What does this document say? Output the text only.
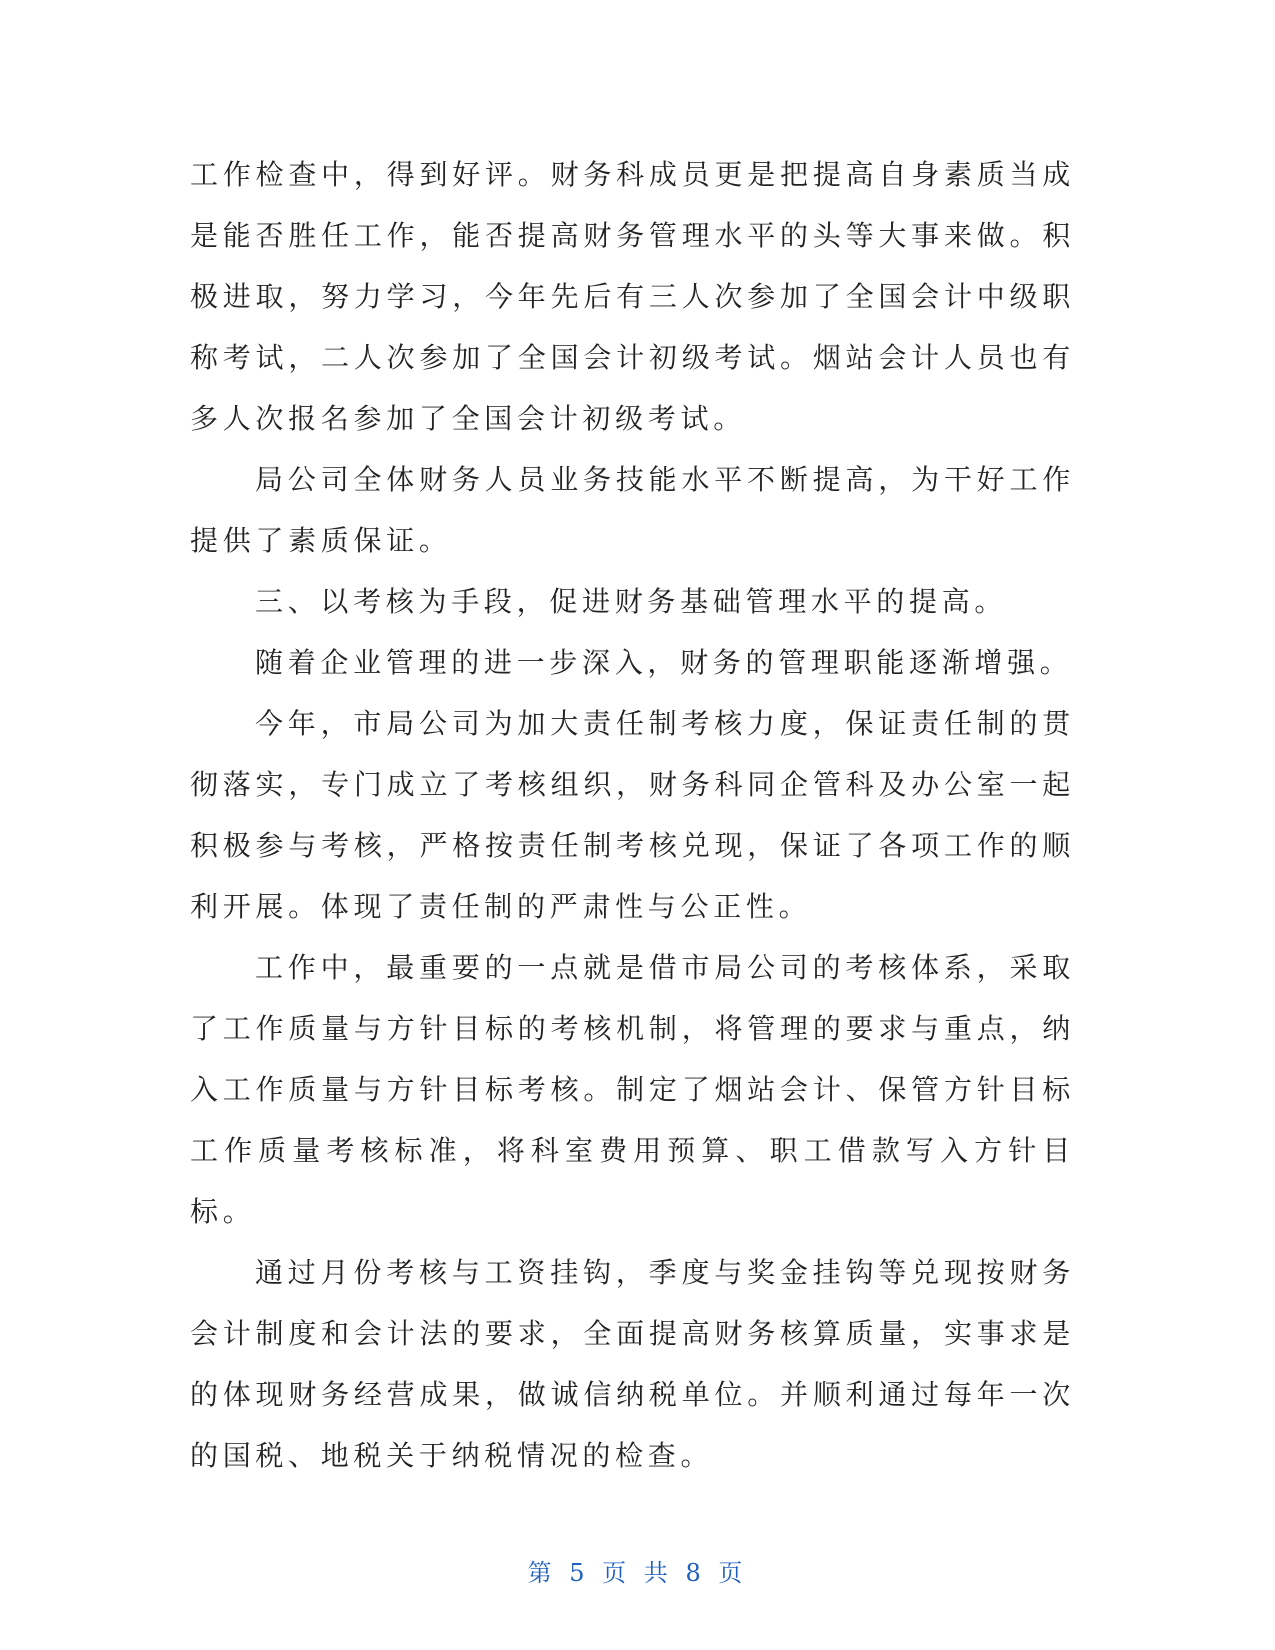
工作检查中，得到好评。财务科成员更是把提高自身素质当成是能否胜任工作，能否提高财务管理水平的头等大事来做。积极进取，努力学习，今年先后有三人次参加了全国会计中级职称考试，二人次参加了全国会计初级考试。烟站会计人员也有多人次报名参加了全国会计初级考试。

局公司全体财务人员业务技能水平不断提高，为干好工作提供了素质保证。

三、以考核为手段，促进财务基础管理水平的提高。

随着企业管理的进一步深入，财务的管理职能逐渐增强。

今年，市局公司为加大责任制考核力度，保证责任制的贯彻落实，专门成立了考核组织，财务科同企管科及办公室一起积极参与考核，严格按责任制考核兑现，保证了各项工作的顺利开展。体现了责任制的严肃性与公正性。

工作中，最重要的一点就是借市局公司的考核体系，采取了工作质量与方针目标的考核机制，将管理的要求与重点，纳入工作质量与方针目标考核。制定了烟站会计、保管方针目标工作质量考核标准，将科室费用预算、职工借款写入方针目标。

通过月份考核与工资挂钩，季度与奖金挂钩等兑现按财务会计制度和会计法的要求，全面提高财务核算质量，实事求是的体现财务经营成果，做诚信纳税单位。并顺利通过每年一次的国税、地税关于纳税情况的检查。

第 5 页 共 8 页
